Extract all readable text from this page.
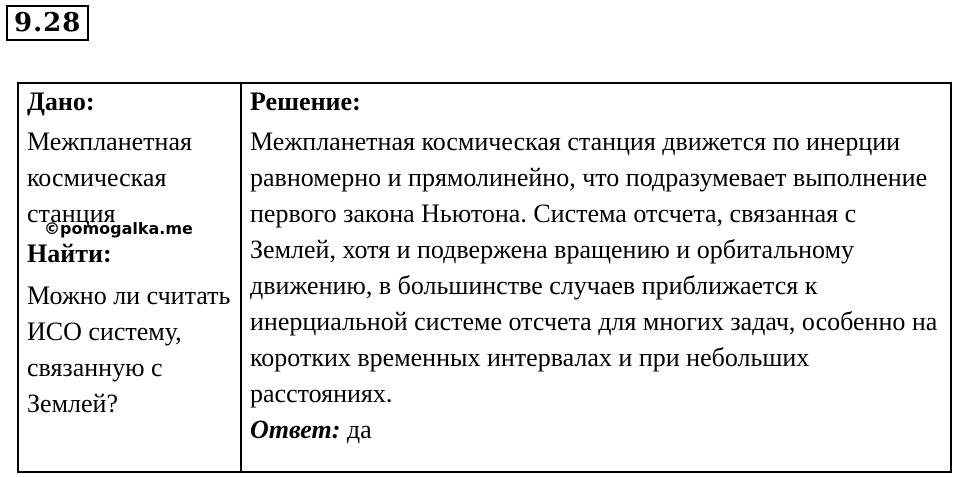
9.28
Дано:
Межпланетная космическая станция
Найти:
Можно ли считать ИСО систему, связанную с Землей?

Решение:
Межпланетная космическая станция движется по инерции равномерно и прямолинейно, что подразумевает выполнение первого закона Ньютона. Система отсчета, связанная с Землей, хотя и подвержена вращению и орбитальному движению, в большинстве случаев приближается к инерциальной системе отсчета для многих задач, особенно на коротких временных интервалах и при небольших расстояниях.
Ответ: да
©pomogalka.me
